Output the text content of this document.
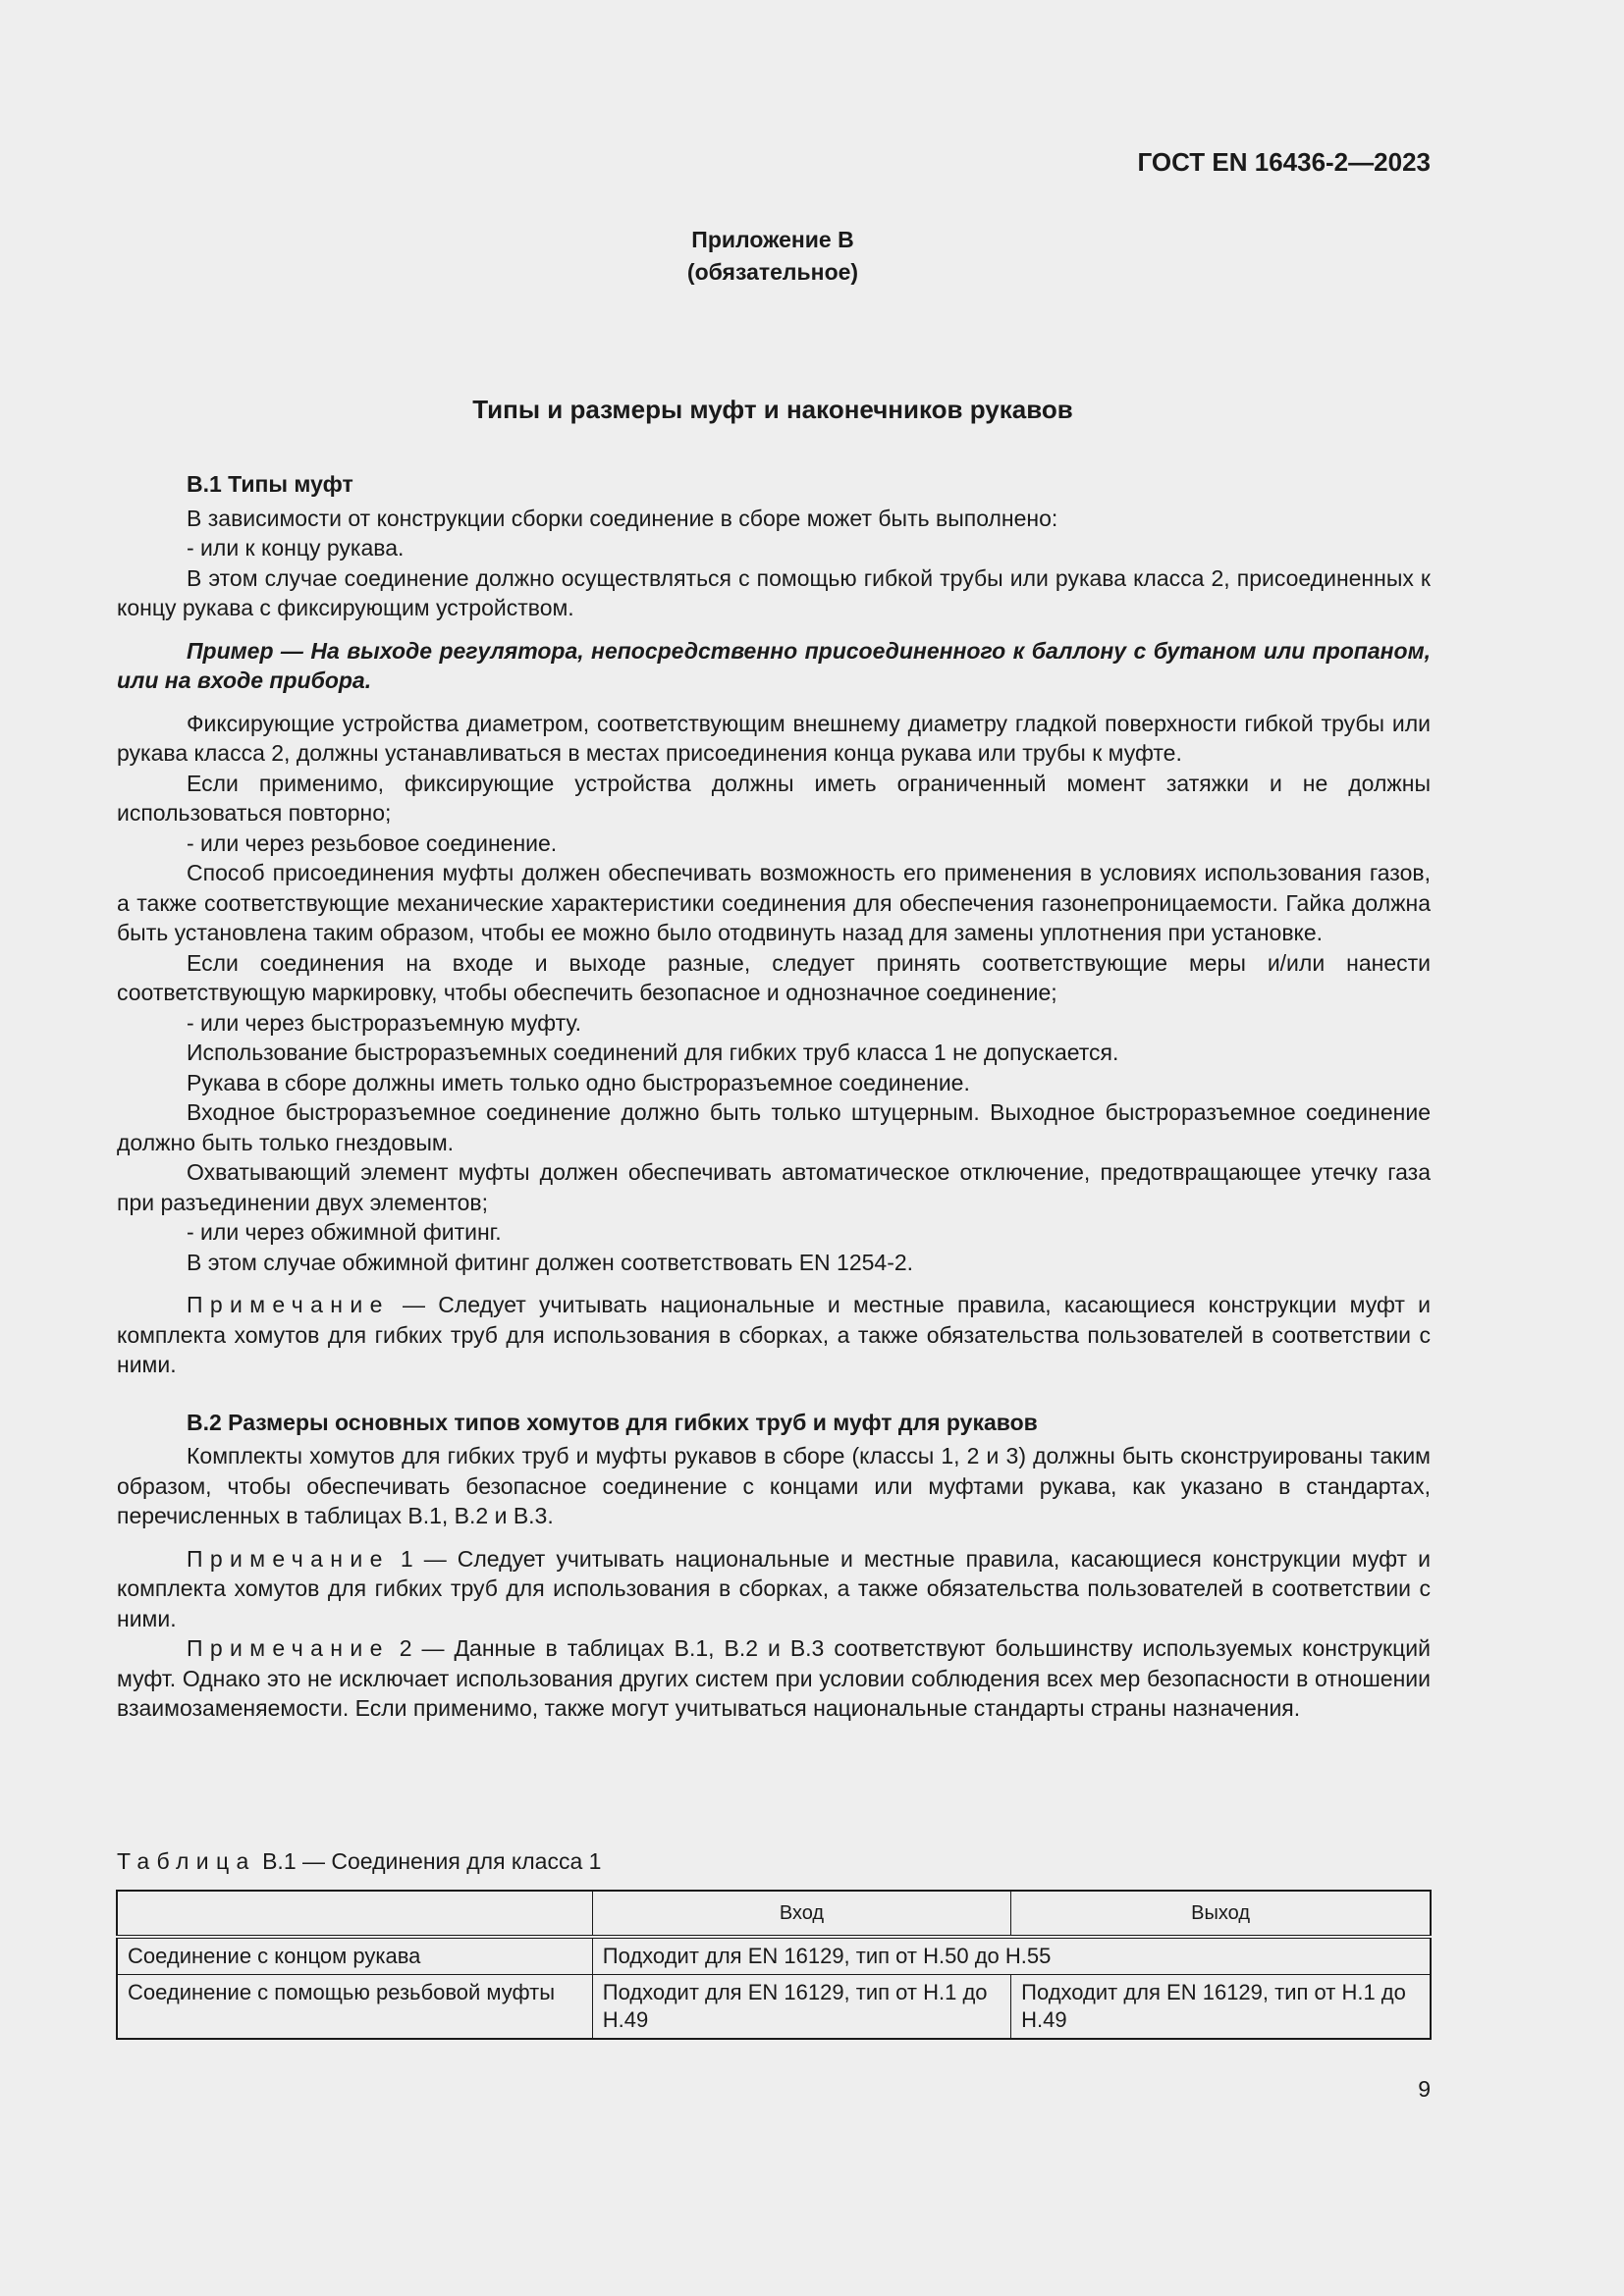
ГОСТ EN 16436-2—2023
Приложение В
(обязательное)
Типы и размеры муфт и наконечников рукавов

В.1 Типы муфт

В зависимости от конструкции сборки соединение в сборе может быть выполнено:

- или к концу рукава.

В этом случае соединение должно осуществляться с помощью гибкой трубы или рукава класса 2, присоединенных к концу рукава с фиксирующим устройством.

Пример — На выходе регулятора, непосредственно присоединенного к баллону с бутаном или пропаном, или на входе прибора.

Фиксирующие устройства диаметром, соответствующим внешнему диаметру гладкой поверхности гибкой трубы или рукава класса 2, должны устанавливаться в местах присоединения конца рукава или трубы к муфте.

Если применимо, фиксирующие устройства должны иметь ограниченный момент затяжки и не должны использоваться повторно;

- или через резьбовое соединение.

Способ присоединения муфты должен обеспечивать возможность его применения в условиях использования газов, а также соответствующие механические характеристики соединения для обеспечения газонепроницаемости. Гайка должна быть установлена таким образом, чтобы ее можно было отодвинуть назад для замены уплотнения при установке.

Если соединения на входе и выходе разные, следует принять соответствующие меры и/или нанести соответствующую маркировку, чтобы обеспечить безопасное и однозначное соединение;

- или через быстроразъемную муфту.

Использование быстроразъемных соединений для гибких труб класса 1 не допускается.

Рукава в сборе должны иметь только одно быстроразъемное соединение.

Входное быстроразъемное соединение должно быть только штуцерным. Выходное быстроразъемное соединение должно быть только гнездовым.

Охватывающий элемент муфты должен обеспечивать автоматическое отключение, предотвращающее утечку газа при разъединении двух элементов;

- или через обжимной фитинг.

В этом случае обжимной фитинг должен соответствовать EN 1254-2.

Примечание — Следует учитывать национальные и местные правила, касающиеся конструкции муфт и комплекта хомутов для гибких труб для использования в сборках, а также обязательства пользователей в соответствии с ними.

В.2 Размеры основных типов хомутов для гибких труб и муфт для рукавов

Комплекты хомутов для гибких труб и муфты рукавов в сборе (классы 1, 2 и 3) должны быть сконструированы таким образом, чтобы обеспечивать безопасное соединение с концами или муфтами рукава, как указано в стандартах, перечисленных в таблицах В.1, В.2 и В.3.

Примечание 1 — Следует учитывать национальные и местные правила, касающиеся конструкции муфт и комплекта хомутов для гибких труб для использования в сборках, а также обязательства пользователей в соответствии с ними.

Примечание 2 — Данные в таблицах В.1, В.2 и В.3 соответствуют большинству используемых конструкций муфт. Однако это не исключает использования других систем при условии соблюдения всех мер безопасности в отношении взаимозаменяемости. Если применимо, также могут учитываться национальные стандарты страны назначения.

Таблица В.1 — Соединения для класса 1
	Вход	Выход
Соединение с концом рукава	Подходит для EN 16129, тип от H.50 до H.55	
Соединение с помощью резьбовой муфты	Подходит для EN 16129, тип от H.1 до H.49	Подходит для EN 16129, тип от H.1 до H.49
9
